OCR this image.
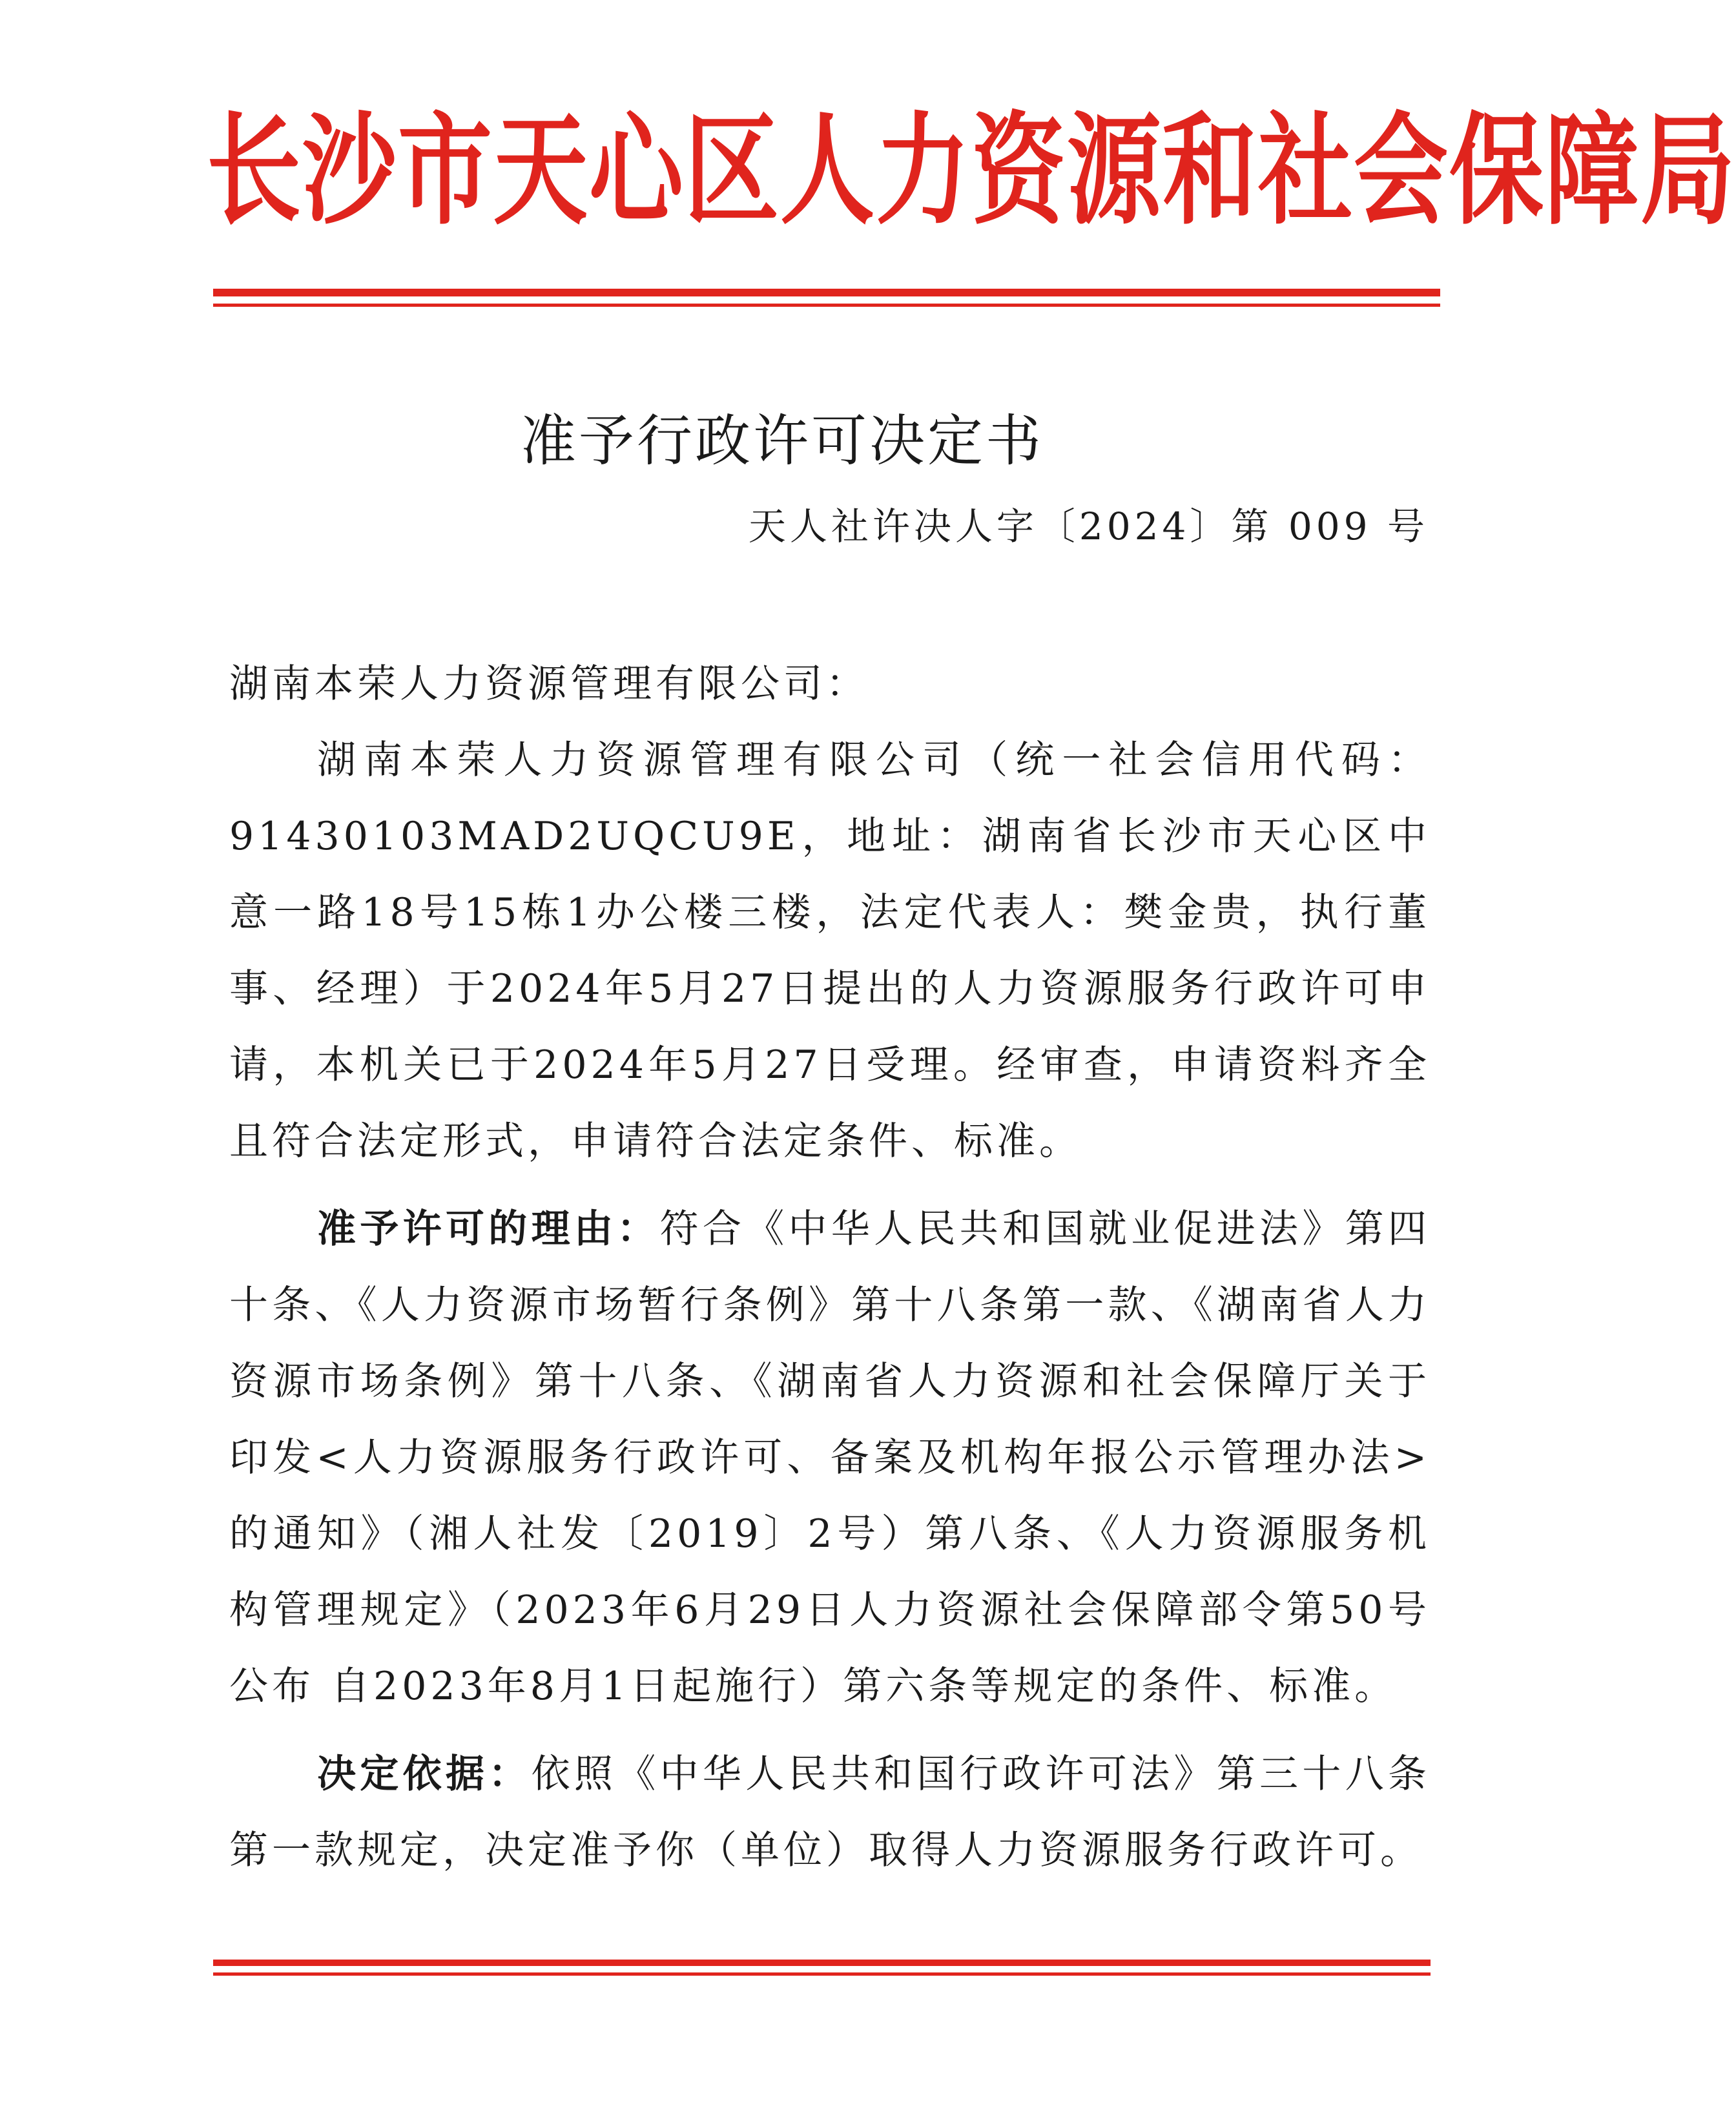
长沙市天心区人力资源和社会保障局
准予行政许可决定书
天人社许决人字〔2024〕第 009 号

湖南本荣人力资源管理有限公司：

湖南本荣人力资源管理有限公司（统一社会信用代码：91430103MAD2UQCU9E，地址：湖南省长沙市天心区中意一路18号15栋1办公楼三楼，法定代表人：樊金贵，执行董事、经理）于2024年5月27日提出的人力资源服务行政许可申请，本机关已于2024年5月27日受理。经审查，申请资料齐全且符合法定形式，申请符合法定条件、标准。

准予许可的理由：符合《中华人民共和国就业促进法》第四十条、《人力资源市场暂行条例》第十八条第一款、《湖南省人力资源市场条例》第十八条、《湖南省人力资源和社会保障厅关于印发<人力资源服务行政许可、备案及机构年报公示管理办法>的通知》（湘人社发〔2019〕2号）第八条、《人力资源服务机构管理规定》（2023年6月29日人力资源社会保障部令第50号公布 自2023年8月1日起施行）第六条等规定的条件、标准。

决定依据：依照《中华人民共和国行政许可法》第三十八条第一款规定，决定准予你（单位）取得人力资源服务行政许可。
